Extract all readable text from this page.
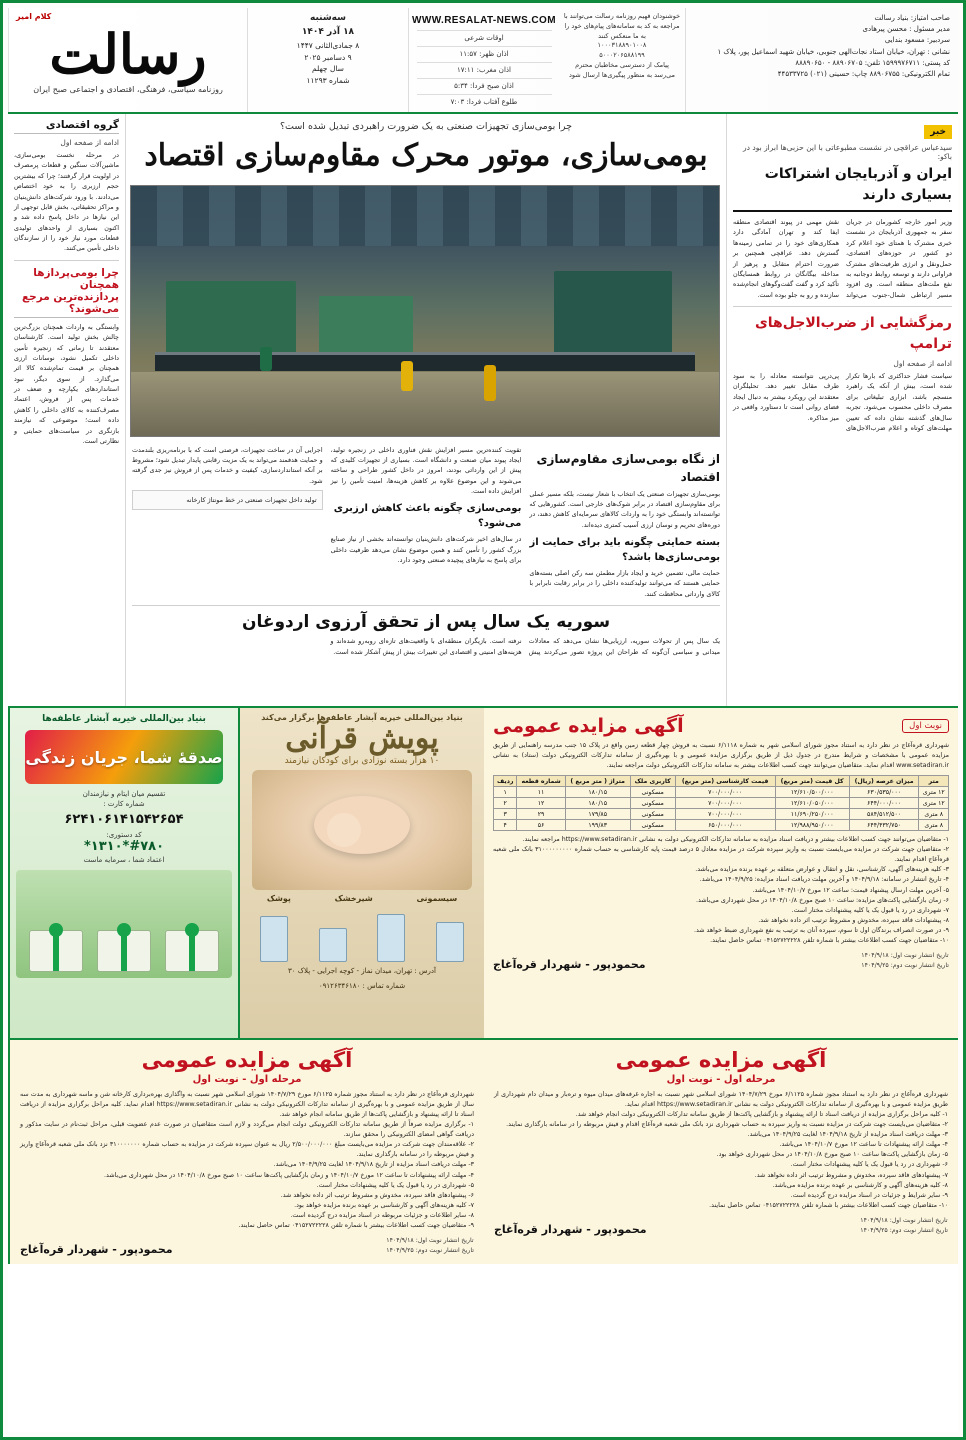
رسالت
روزنامه سیاسی، فرهنگی، اقتصادی و اجتماعی صبح ایران
سه‌شنبه
۱۸ آذر ۱۴۰۴
۸ جمادی‌الثانی ۱۴۴۷
۹ دسامبر ۲۰۲۵
سال چهلم
شماره ۱۱۲۹۳
WWW.RESALAT-NEWS.COM
اوقات شرعی
اذان ظهر: ۱۱:۵۷
اذان مغرب: ۱۷:۱۱
اذان صبح فردا: ۵:۳۴
طلوع آفتاب فردا: ۷:۰۳
خوشنودان فهیم روزنامه رسالت می‌توانند با مراجعه به کد به سامانه‌های پیام‌های خود را به ما منعکس کنند
۱۰۰۰۳۱۸۸۹۰۱۰۰۸
۵۰۰۰۲۰۶۵۸۸۱۹۹
پیامک از دسترسی مخاطبان محترم
می‌رسد به منظور پیگیری‌ها ارسال شود
صاحب امتیاز: بنیاد رسالت
مدیر مسئول : محسن پیرهادی
سردبیر: مسعود بندایی
نشانی : تهران، خیابان استاد نجات‌الهی جنوبی، خیابان شهید اسماعیل پور، پلاک ۱
کد پستی: ۱۵۹۹۹۷۶۷۱۱ تلفن: ۸۸۹۰۶۷۰۵ - ۸۸۸۹۰۶۵۰
تمام الکترونیکی: ۸۸۹۰۶۷۵۵ چاپ: حسینی (۰۲۱) ۴۴۵۳۳۷۲۵
کلام امیر
خبر
سیدعباس عراقچی در نشست مطبوعاتی با این حزبی‌ها ابراز بود در باکو:
ایران و آذربایجان اشتراکات بسیاری دارند
وزیر امور خارجه کشورمان در جریان سفر به جمهوری آذربایجان در نشست خبری مشترک با همتای خود اعلام کرد دو کشور در حوزه‌های اقتصادی، حمل‌ونقل و انرژی ظرفیت‌های مشترک فراوانی دارند و توسعه روابط دوجانبه به نفع ملت‌های منطقه است. وی افزود مسیر ارتباطی شمال-جنوب می‌تواند نقش مهمی در پیوند اقتصادی منطقه ایفا کند و تهران آمادگی دارد همکاری‌های خود را در تمامی زمینه‌ها گسترش دهد. عراقچی همچنین بر ضرورت احترام متقابل و پرهیز از مداخله بیگانگان در روابط همسایگان تأکید کرد و گفت گفت‌وگوهای انجام‌شده سازنده و رو به جلو بوده است.
رمزگشایی از ضرب‌الاجل‌های ترامپ
ادامه از صفحه اول
سیاست فشار حداکثری که بارها تکرار شده است، بیش از آنکه یک راهبرد منسجم باشد، ابزاری تبلیغاتی برای مصرف داخلی محسوب می‌شود. تجربه سال‌های گذشته نشان داده که تعیین مهلت‌های کوتاه و اعلام ضرب‌الاجل‌های پی‌درپی نتوانسته معادله را به سود طرف مقابل تغییر دهد. تحلیلگران معتقدند این رویکرد بیشتر به دنبال ایجاد فضای روانی است تا دستاورد واقعی در میز مذاکره.
چرا بومی‌سازی تجهیزات صنعتی به یک ضرورت راهبردی تبدیل شده است؟
بومی‌سازی، موتور محرک مقاوم‌سازی اقتصاد
از نگاه بومی‌سازی مقاوم‌سازی اقتصاد
بومی‌سازی تجهیزات صنعتی یک انتخاب با شعار نیست، بلکه مسیر عملی برای مقاوم‌سازی اقتصاد در برابر شوک‌های خارجی است. کشورهایی که توانسته‌اند وابستگی خود را به واردات کالاهای سرمایه‌ای کاهش دهند، در دوره‌های تحریم و نوسان ارزی آسیب کمتری دیده‌اند.
بسته حمایتی چگونه باید برای حمایت از بومی‌سازی‌ها باشد؟
حمایت مالی، تضمین خرید و ایجاد بازار مطمئن سه رکن اصلی بسته‌های حمایتی هستند که می‌توانند تولیدکننده داخلی را در برابر رقابت نابرابر با کالای وارداتی محافظت کنند.
تقویت کننده‌ترین مسیر افزایش نقش فناوری داخلی در زنجیره تولید، ایجاد پیوند میان صنعت و دانشگاه است. بسیاری از تجهیزات کلیدی که پیش از این وارداتی بودند، امروز در داخل کشور طراحی و ساخته می‌شوند و این موضوع علاوه بر کاهش هزینه‌ها، امنیت تأمین را نیز افزایش داده است.
بومی‌سازی چگونه باعث کاهش ارزبری می‌شود؟
در سال‌های اخیر شرکت‌های دانش‌بنیان توانسته‌اند بخشی از نیاز صنایع بزرگ کشور را تأمین کنند و همین موضوع نشان می‌دهد ظرفیت داخلی برای پاسخ به نیازهای پیچیده صنعتی وجود دارد.
اجرایی آن در ساخت تجهیزات، فرصتی است که با برنامه‌ریزی بلندمدت و حمایت هدفمند می‌تواند به یک مزیت رقابتی پایدار تبدیل شود؛ مشروط بر آنکه استانداردسازی، کیفیت و خدمات پس از فروش نیز جدی گرفته شود.
تولید داخل تجهیزات صنعتی در خط مونتاژ کارخانه
سوریه یک سال پس از تحقق آرزوی اردوغان
یک سال پس از تحولات سوریه، ارزیابی‌ها نشان می‌دهد که معادلات میدانی و سیاسی آن‌گونه که طراحان این پروژه تصور می‌کردند پیش نرفته است. بازیگران منطقه‌ای با واقعیت‌های تازه‌ای روبه‌رو شده‌اند و هزینه‌های امنیتی و اقتصادی این تغییرات بیش از پیش آشکار شده است.
گروه اقتصادی
ادامه از صفحه اول
در مرحله نخست بومی‌سازی، ماشین‌آلات سنگین و قطعات پرمصرف در اولویت قرار گرفتند؛ چرا که بیشترین حجم ارزبری را به خود اختصاص می‌دادند. با ورود شرکت‌های دانش‌بنیان و مراکز تحقیقاتی، بخش قابل توجهی از این نیازها در داخل پاسخ داده شد و اکنون بسیاری از واحدهای تولیدی قطعات مورد نیاز خود را از سازندگان داخلی تأمین می‌کنند.
چرا بومی‌پردازها همچنان پردازنده‌ترین مرجع می‌شوند؟
وابستگی به واردات همچنان بزرگ‌ترین چالش بخش تولید است. کارشناسان معتقدند تا زمانی که زنجیره تأمین داخلی تکمیل نشود، نوسانات ارزی همچنان بر قیمت تمام‌شده کالا اثر می‌گذارد. از سوی دیگر، نبود استانداردهای یکپارچه و ضعف در خدمات پس از فروش، اعتماد مصرف‌کننده به کالای داخلی را کاهش داده است؛ موضوعی که نیازمند بازنگری در سیاست‌های حمایتی و نظارتی است.
نوبت اول
آگهی مزایده عمومی
شهرداری قره‌آغاج در نظر دارد به استناد مجوز شورای اسلامی شهر به شماره ۶/۱۱۱۸ نسبت به فروش چهار قطعه زمین واقع در پلاک ۱۵ جنب مدرسه راهنمایی از طریق مزایده عمومی با مشخصات و شرایط مندرج در جدول ذیل از طریق برگزاری مزایده عمومی و با بهره‌گیری از سامانه تدارکات الکترونیکی دولت (ستاد) به نشانی www.setadiran.ir اقدام نماید. متقاضیان می‌توانند جهت کسب اطلاعات بیشتر به سامانه تدارکات الکترونیکی دولت مراجعه نمایند.
متر	میزان عرصه (ریال)	کل قیمت (متر مربع)	قیمت کارشناسی (متر مربع)	کاربری ملک	متراژ ( متر مربع )	شماره قطعه	ردیف
۱۲ متری	۶۳۰/۵۳۵/۰۰۰	۱۲/۶۱۰/۵۰۰/۰۰۰	۷۰۰/۰۰۰/۰۰۰	مسکونی	۱۸۰/۱۵	۱۱	۱
۱۲ متری	۶۴۴/۰۰۰/۰۰۰	۱۲/۶۱۰/۰۵۰/۰۰۰	۷۰۰/۰۰۰/۰۰۰	مسکونی	۱۸۰/۱۵	۱۲	۲
۸ متری	۵۸۴/۵۱۲/۵۰۰	۱۱/۶۹۰/۲۵۰/۰۰۰	۷۰۰/۰۰۰/۰۰۰	مسکونی	۱۷۹/۸۵	۲۹	۳
۸ متری	۶۴۴/۴۳۲/۷۵۰	۱۲/۹۸۸/۹۵۰/۰۰۰	۶۵۰/۰۰۰/۰۰۰	مسکونی	۱۹۹/۸۳	۵۶	۴
۱- متقاضیان می‌توانند جهت کسب اطلاعات بیشتر و دریافت اسناد مزایده به سامانه تدارکات الکترونیکی دولت به نشانی https://www.setadiran.ir مراجعه نمایند.
۲- متقاضیان جهت شرکت در مزایده می‌بایست نسبت به واریز سپرده شرکت در مزایده معادل ۵ درصد قیمت پایه کارشناسی به حساب شماره ۳۱۰۰۰۰۰۰۰۰۰ بانک ملی شعبه قره‌آغاج اقدام نمایند.
۳- کلیه هزینه‌های آگهی، کارشناسی، نقل و انتقال و عوارض متعلقه بر عهده برنده مزایده می‌باشد.
۴- تاریخ انتشار در سامانه: ۱۴۰۴/۹/۱۸ و آخرین مهلت دریافت اسناد مزایده: ۱۴۰۴/۹/۲۵ می‌باشد.
۵- آخرین مهلت ارسال پیشنهاد قیمت: ساعت ۱۲ مورخ ۱۴۰۴/۱۰/۷ می‌باشد.
۶- زمان بازگشایی پاکت‌های مزایده: ساعت ۱۰ صبح مورخ ۱۴۰۴/۱۰/۸ در محل شهرداری می‌باشد.
۷- شهرداری در رد یا قبول یک یا کلیه پیشنهادات مختار است.
۸- پیشنهادات فاقد سپرده، مخدوش و مشروط ترتیب اثر داده نخواهد شد.
۹- در صورت انصراف برندگان اول تا سوم، سپرده آنان به ترتیب به نفع شهرداری ضبط خواهد شد.
۱۰- متقاضیان جهت کسب اطلاعات بیشتر با شماره تلفن ۰۴۱۵۲۷۲۲۲۲۸ تماس حاصل نمایند.
تاریخ انتشار نوبت اول: ۱۴۰۴/۹/۱۸
تاریخ انتشار نوبت دوم: ۱۴۰۴/۹/۲۵
محمودپور - شهردار قره‌آغاج
بنیاد بین‌المللی خیریه آبشار عاطفه‌ها برگزار می‌کند
پویش قرآنی
۱۰ هزار بسته نوزادی برای کودکان نیازمند
سیسمونی
شیرخشک
پوشک
آدرس : تهران، میدان نماز - کوچه اجرایی - پلاک ۳۰
شماره تماس : ۰۹۱۲۶۳۴۶۱۸۰
بنیاد بین‌المللی خیریه آبشار عاطفه‌ها
صدقهٔ شما، جریان زندگی
تقسیم میان ایتام و نیازمندان
شماره کارت :
۶۲۴۱۰۶۱۴۱۵۴۲۶۵۴
کد دستوری:
#۷۸۰*۱۳۱۰*
اعتماد شما ، سرمایه ماست
آگهی مزایده عمومی
مرحله اول - نوبت اول
شهرداری قره‌آغاج در نظر دارد به استناد مجوز شماره ۶/۱۱۲۵ مورخ ۱۴۰۴/۷/۲۹ شورای اسلامی شهر نسبت به اجاره غرفه‌های میدان میوه و تره‌بار و میدان دام شهرداری از طریق مزایده عمومی و با بهره‌گیری از سامانه تدارکات الکترونیکی دولت به نشانی https://www.setadiran.ir اقدام نماید.
۱- کلیه مراحل برگزاری مزایده از دریافت اسناد تا ارائه پیشنهاد و بازگشایی پاکت‌ها از طریق سامانه تدارکات الکترونیکی دولت انجام خواهد شد.
۲- متقاضیان می‌بایست جهت شرکت در مزایده نسبت به واریز سپرده به حساب شهرداری نزد بانک ملی شعبه قره‌آغاج اقدام و فیش مربوطه را در سامانه بارگذاری نمایند.
۳- مهلت دریافت اسناد مزایده از تاریخ ۱۴۰۴/۹/۱۸ لغایت ۱۴۰۴/۹/۲۵ می‌باشد.
۴- مهلت ارائه پیشنهادات تا ساعت ۱۲ مورخ ۱۴۰۴/۱۰/۷ می‌باشد.
۵- زمان بازگشایی پاکت‌ها ساعت ۱۰ صبح مورخ ۱۴۰۴/۱۰/۸ در محل شهرداری خواهد بود.
۶- شهرداری در رد یا قبول یک یا کلیه پیشنهادات مختار است.
۷- پیشنهادهای فاقد سپرده، مخدوش و مشروط ترتیب اثر داده نخواهد شد.
۸- کلیه هزینه‌های آگهی و کارشناسی بر عهده برنده مزایده می‌باشد.
۹- سایر شرایط و جزئیات در اسناد مزایده درج گردیده است.
۱۰- متقاضیان جهت کسب اطلاعات بیشتر با شماره تلفن ۰۴۱۵۲۷۲۲۲۲۸ تماس حاصل نمایند.
تاریخ انتشار نوبت اول: ۱۴۰۴/۹/۱۸
تاریخ انتشار نوبت دوم: ۱۴۰۴/۹/۲۵
محمودپور - شهردار قره‌آغاج
آگهی مزایده عمومی
مرحله اول - نوبت اول
شهرداری قره‌آغاج در نظر دارد به استناد مجوز شماره ۶/۱۱۲۵ مورخ ۱۴۰۴/۷/۲۹ شورای اسلامی شهر نسبت به واگذاری بهره‌برداری کارخانه شن و ماسه شهرداری به مدت سه سال از طریق مزایده عمومی و با بهره‌گیری از سامانه تدارکات الکترونیکی دولت به نشانی https://www.setadiran.ir اقدام نماید. کلیه مراحل برگزاری مزایده از دریافت اسناد تا ارائه پیشنهاد و بازگشایی پاکت‌ها از طریق سامانه انجام خواهد شد.
۱- برگزاری مزایده صرفاً از طریق سامانه تدارکات الکترونیکی دولت انجام می‌گردد و لازم است متقاضیان در صورت عدم عضویت قبلی، مراحل ثبت‌نام در سایت مذکور و دریافت گواهی امضای الکترونیکی را محقق سازند.
۲- علاقه‌مندان جهت شرکت در مزایده می‌بایست مبلغ ۲/۵۰۰/۰۰۰/۰۰۰ ریال به عنوان سپرده شرکت در مزایده به حساب شماره ۳۱۰۰۰۰۰۰۰ نزد بانک ملی شعبه قره‌آغاج واریز و فیش مربوطه را در سامانه بارگذاری نمایند.
۳- مهلت دریافت اسناد مزایده از تاریخ ۱۴۰۴/۹/۱۸ لغایت ۱۴۰۴/۹/۲۵ می‌باشد.
۴- مهلت ارائه پیشنهادات تا ساعت ۱۲ مورخ ۱۴۰۴/۱۰/۷ و زمان بازگشایی پاکت‌ها ساعت ۱۰ صبح مورخ ۱۴۰۴/۱۰/۸ در محل شهرداری می‌باشد.
۵- شهرداری در رد یا قبول یک یا کلیه پیشنهادات مختار است.
۶- پیشنهادهای فاقد سپرده، مخدوش و مشروط ترتیب اثر داده نخواهد شد.
۷- کلیه هزینه‌های آگهی و کارشناسی بر عهده برنده مزایده خواهد بود.
۸- سایر اطلاعات و جزئیات مربوطه در اسناد مزایده درج گردیده است.
۹- متقاضیان جهت کسب اطلاعات بیشتر با شماره تلفن ۰۴۱۵۲۷۲۲۲۲۸ تماس حاصل نمایند.
تاریخ انتشار نوبت اول: ۱۴۰۴/۹/۱۸
تاریخ انتشار نوبت دوم: ۱۴۰۴/۹/۲۵
محمودپور - شهردار قره‌آغاج
